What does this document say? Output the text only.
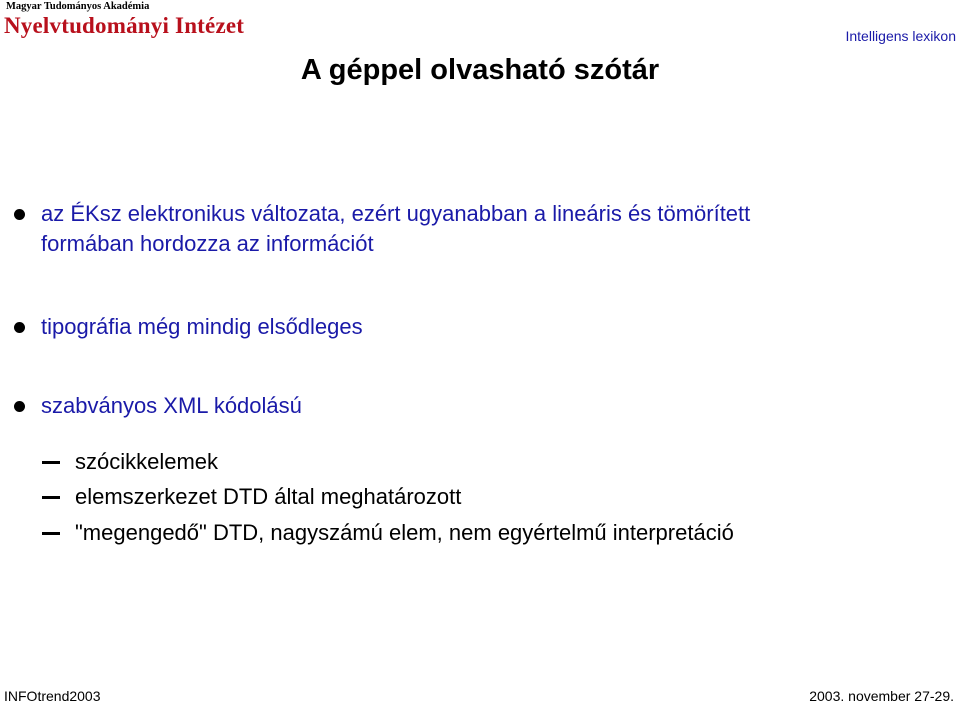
Magyar Tudományos Akadémia
Nyelvtudományi Intézet	Intelligens lexikon
A géppel olvasható szótár
az ÉKsz elektronikus változata, ezért ugyanabban a lineáris és tömörített
formában hordozza az információt
tipográfia még mindig elsődleges
szabványos XML kódolású
szócikkelemek
elemszerkezet DTD által meghatározott
"megengedő" DTD, nagyszámú elem, nem egyértelmű interpretáció
INFOtrend2003	2003. november 27-29.
